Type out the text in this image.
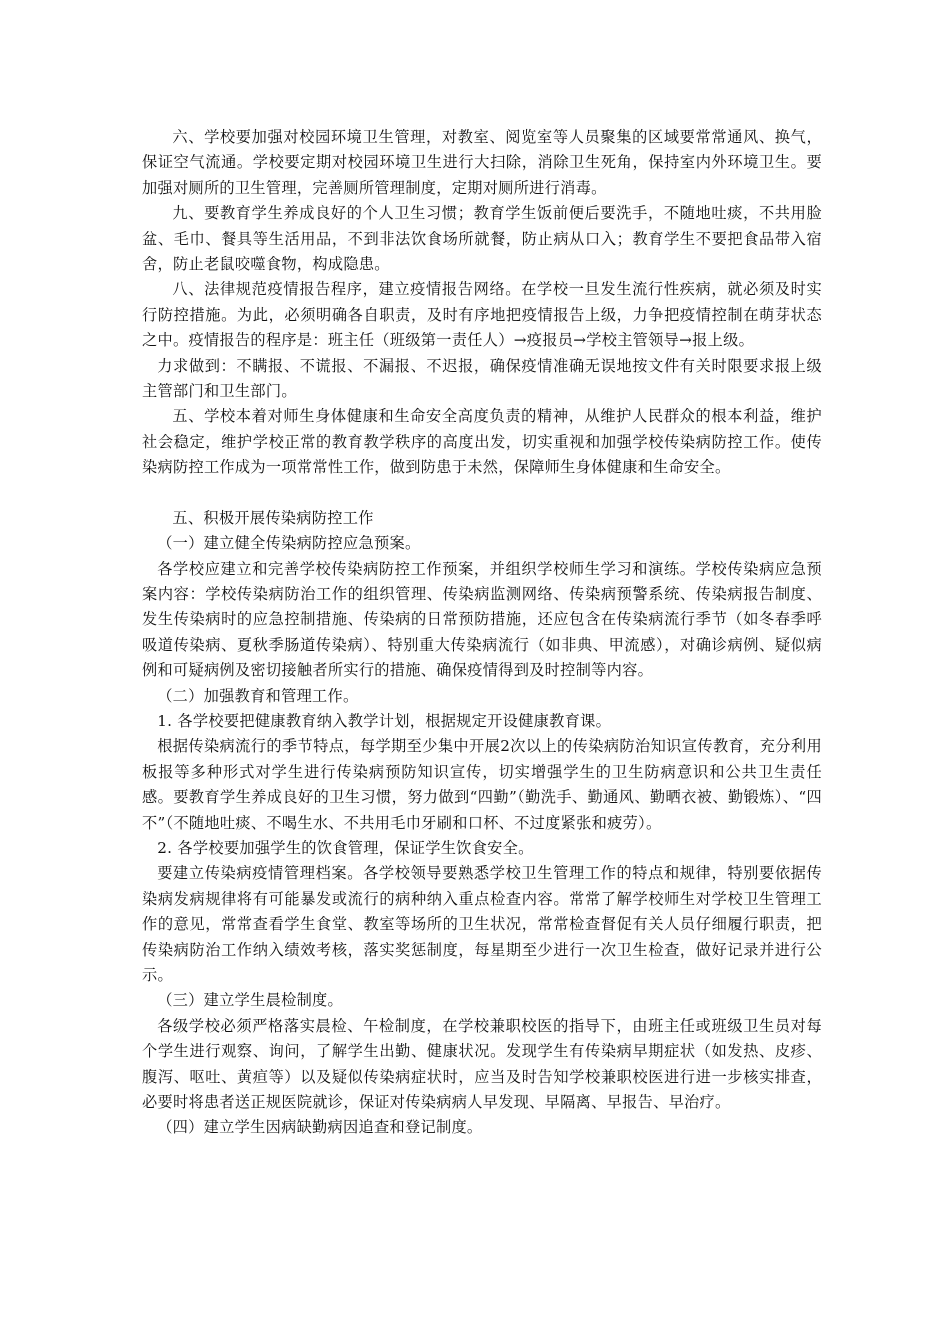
六、学校要加强对校园环境卫生管理，对教室、阅览室等人员聚集的区域要常常通风、换气，保证空气流通。学校要定期对校园环境卫生进行大扫除，消除卫生死角，保持室内外环境卫生。要加强对厕所的卫生管理，完善厕所管理制度，定期对厕所进行消毒。

九、要教育学生养成良好的个人卫生习惯；教育学生饭前便后要洗手，不随地吐痰，不共用脸盆、毛巾、餐具等生活用品，不到非法饮食场所就餐，防止病从口入；教育学生不要把食品带入宿舍，防止老鼠咬噬食物，构成隐患。

八、法律规范疫情报告程序，建立疫情报告网络。在学校一旦发生流行性疾病，就必须及时实行防控措施。为此，必须明确各自职责，及时有序地把疫情报告上级，力争把疫情控制在萌芽状态之中。疫情报告的程序是：班主任（班级第一责任人）→疫报员→学校主管领导→报上级。

力求做到：不瞒报、不谎报、不漏报、不迟报，确保疫情准确无误地按文件有关时限要求报上级主管部门和卫生部门。

五、学校本着对师生身体健康和生命安全高度负责的精神，从维护人民群众的根本利益，维护社会稳定，维护学校正常的教育教学秩序的高度出发，切实重视和加强学校传染病防控工作。使传染病防控工作成为一项常常性工作，做到防患于未然，保障师生身体健康和生命安全。

五、积极开展传染病防控工作

（一）建立健全传染病防控应急预案。

各学校应建立和完善学校传染病防控工作预案，并组织学校师生学习和演练。学校传染病应急预案内容：学校传染病防治工作的组织管理、传染病监测网络、传染病预警系统、传染病报告制度、发生传染病时的应急控制措施、传染病的日常预防措施，还应包含在传染病流行季节（如冬春季呼吸道传染病、夏秋季肠道传染病）、特别重大传染病流行（如非典、甲流感），对确诊病例、疑似病例和可疑病例及密切接触者所实行的措施、确保疫情得到及时控制等内容。

（二）加强教育和管理工作。

1. 各学校要把健康教育纳入教学计划，根据规定开设健康教育课。

根据传染病流行的季节特点，每学期至少集中开展2次以上的传染病防治知识宣传教育，充分利用板报等多种形式对学生进行传染病预防知识宣传，切实增强学生的卫生防病意识和公共卫生责任感。要教育学生养成良好的卫生习惯，努力做到“四勤”（勤洗手、勤通风、勤晒衣被、勤锻炼）、“四不”（不随地吐痰、不喝生水、不共用毛巾牙刷和口杯、不过度紧张和疲劳）。

2. 各学校要加强学生的饮食管理，保证学生饮食安全。

要建立传染病疫情管理档案。各学校领导要熟悉学校卫生管理工作的特点和规律，特别要依据传染病发病规律将有可能暴发或流行的病种纳入重点检查内容。常常了解学校师生对学校卫生管理工作的意见，常常查看学生食堂、教室等场所的卫生状况，常常检查督促有关人员仔细履行职责，把传染病防治工作纳入绩效考核，落实奖惩制度，每星期至少进行一次卫生检查，做好记录并进行公示。

（三）建立学生晨检制度。

各级学校必须严格落实晨检、午检制度，在学校兼职校医的指导下，由班主任或班级卫生员对每个学生进行观察、询问，了解学生出勤、健康状况。发现学生有传染病早期症状（如发热、皮疹、腹泻、呕吐、黄疸等）以及疑似传染病症状时，应当及时告知学校兼职校医进行进一步核实排查，必要时将患者送正规医院就诊，保证对传染病病人早发现、早隔离、早报告、早治疗。

（四）建立学生因病缺勤病因追查和登记制度。
